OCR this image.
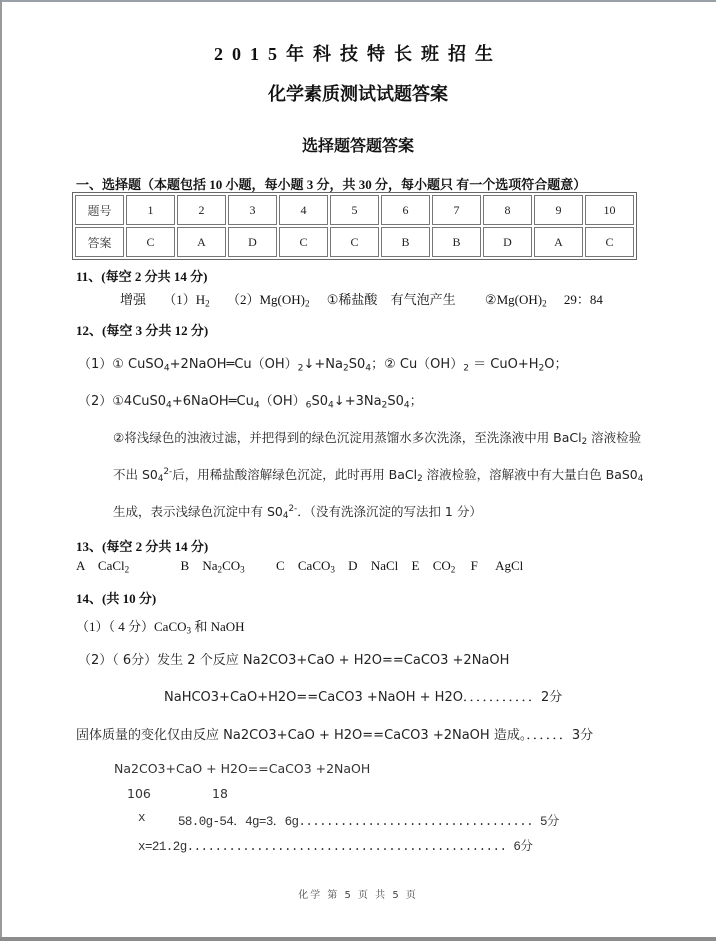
2015年科技特长班招生
化学素质测试试题答案
选择题答题答案
一、选择题（本题包括 10 小题，每小题 3 分，共 30 分，每小题只 有一个选项符合题意）
题号	1	2	3	4	5	6	7	8	9	10
答案	C	A	D	C	C	B	B	D	A	C
11、(每空 2 分共 14 分)
增强 $(1)H_2$ $(2)Mg(OH)_2$ ①稀盐酸 有气泡产生 $②Mg(OH)_2$ 29：84
12、(每空 3 分共 12 分)
（1）① $CuSO_4+2NaOH═Cu(OH)_2↓+Na_2S0_4$；② $Cu(OH)_2 = CuO+H_2O$；
$(2)①4CuS0_4+6NaOH═Cu_4(OH)_6S0_4↓+3Na_2S0_4$；
②将浅绿色的浊液过滤，并把得到的绿色沉淀用蒸馏水多次洗涤，至洗涤液中用 BaCl$_2$ 溶液检验
不出 $S0_4^{2-}$后，用稀盐酸溶解绿色沉淀，此时再用 BaCl$_2$ 溶液检验，溶解液中有大量白色 $BaS0_4$
生成，表示浅绿色沉淀中有 $S0_4^{2-}$．（没有洗涤沉淀的写法扣 1 分）
13、(每空 2 分共 14 分)
A CaCl$_2$	B $Na_2CO_3$ C CaCO$_3$ D NaCl E $CO_2$ F AgCl
14、(共 10 分)
（1）（ 4 分）CaCO$_3$ 和 NaOH
（2）（ 6分）发生 2 个反应 Na2CO3+CaO + H2O==CaCO3 +2NaOH
NaHCO3+CaO+H2O==CaCO3 +NaOH + H2O．．．．．．．．．．．2分
固体质量的变化仅由反应 Na2CO3+CaO + H2O==CaCO3 +2NaOH 造成。．．．．．．3分
Na2CO3+CaO + H2O==CaCO3 +2NaOH
106	18
x	58.0g-54．4g=3．6g.................................. 5分
x=21.2g.............................................. 6分
化学 第 5 页 共 5 页
